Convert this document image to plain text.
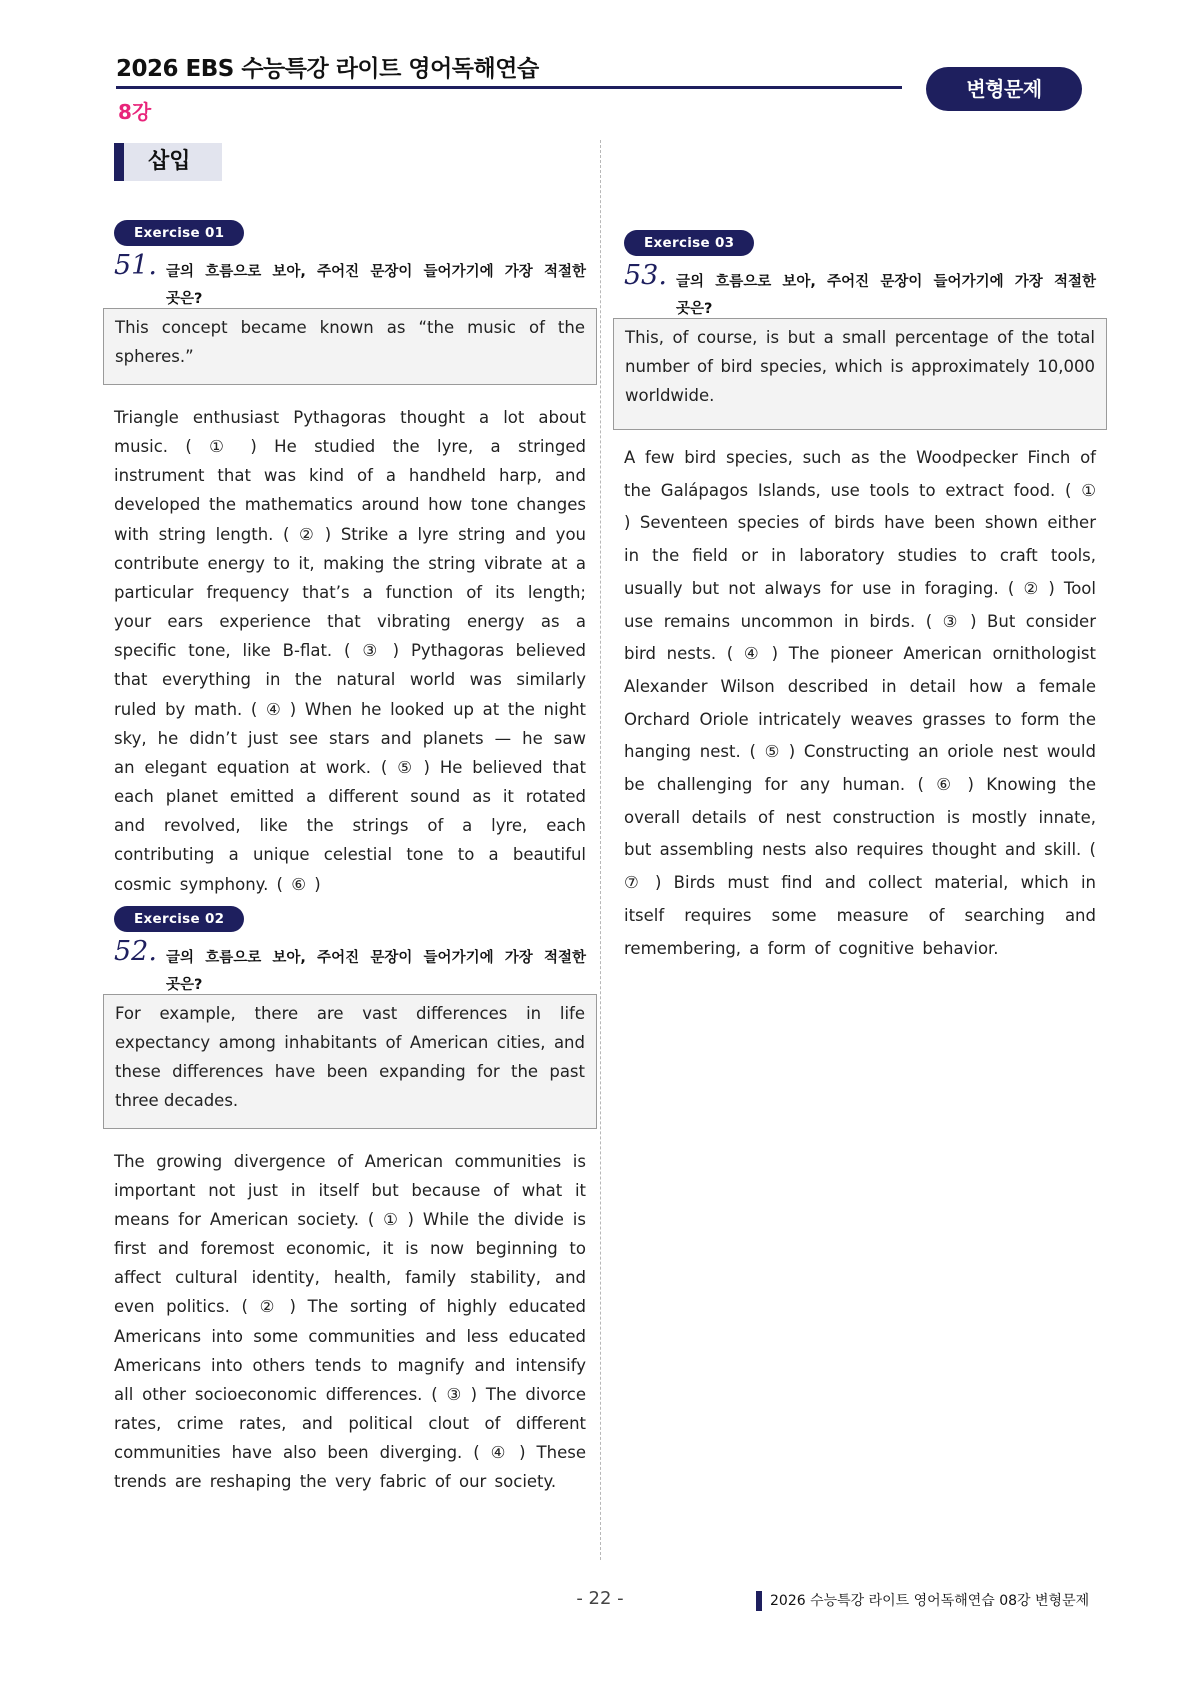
2026 EBS 수능특강 라이트 영어독해연습
8강
변형문제
삽입
Exercise 01
51. 글의 흐름으로 보아, 주어진 문장이 들어가기에 가장 적절한
곳은?
This concept became known as “the music of the spheres.”
Triangle enthusiast Pythagoras thought a lot about music. ( ① ) He studied the lyre, a stringed instrument that was kind of a handheld harp, and developed the mathematics around how tone changes with string length. ( ② ) Strike a lyre string and you contribute energy to it, making the string vibrate at a particular frequency that’s a function of its length; your ears experience that vibrating energy as a specific tone, like B-flat. ( ③ ) Pythagoras believed that everything in the natural world was similarly ruled by math. ( ④ ) When he looked up at the night sky, he didn’t just see stars and planets — he saw an elegant equation at work. ( ⑤ ) He believed that each planet emitted a different sound as it rotated and revolved, like the strings of a lyre, each contributing a unique celestial tone to a beautiful cosmic symphony. ( ⑥ )
Exercise 02
52. 글의 흐름으로 보아, 주어진 문장이 들어가기에 가장 적절한
곳은?
For example, there are vast differences in life expectancy among inhabitants of American cities, and these differences have been expanding for the past three decades.
The growing divergence of American communities is important not just in itself but because of what it means for American society. ( ① ) While the divide is first and foremost economic, it is now beginning to affect cultural identity, health, family stability, and even politics. ( ② ) The sorting of highly educated Americans into some communities and less educated Americans into others tends to magnify and intensify all other socioeconomic differences. ( ③ ) The divorce rates, crime rates, and political clout of different communities have also been diverging. ( ④ ) These trends are reshaping the very fabric of our society.
Exercise 03
53. 글의 흐름으로 보아, 주어진 문장이 들어가기에 가장 적절한
곳은?
This, of course, is but a small percentage of the total number of bird species, which is approximately 10,000 worldwide.
A few bird species, such as the Woodpecker Finch of the Galápagos Islands, use tools to extract food. ( ① ) Seventeen species of birds have been shown either in the field or in laboratory studies to craft tools, usually but not always for use in foraging. ( ② ) Tool use remains uncommon in birds. ( ③ ) But consider bird nests. ( ④ ) The pioneer American ornithologist Alexander Wilson described in detail how a female Orchard Oriole intricately weaves grasses to form the hanging nest. ( ⑤ ) Constructing an oriole nest would be challenging for any human. ( ⑥ ) Knowing the overall details of nest construction is mostly innate, but assembling nests also requires thought and skill. ( ⑦ ) Birds must find and collect material, which in itself requires some measure of searching and remembering, a form of cognitive behavior.
- 22 -	2026 수능특강 라이트 영어독해연습 08강 변형문제
